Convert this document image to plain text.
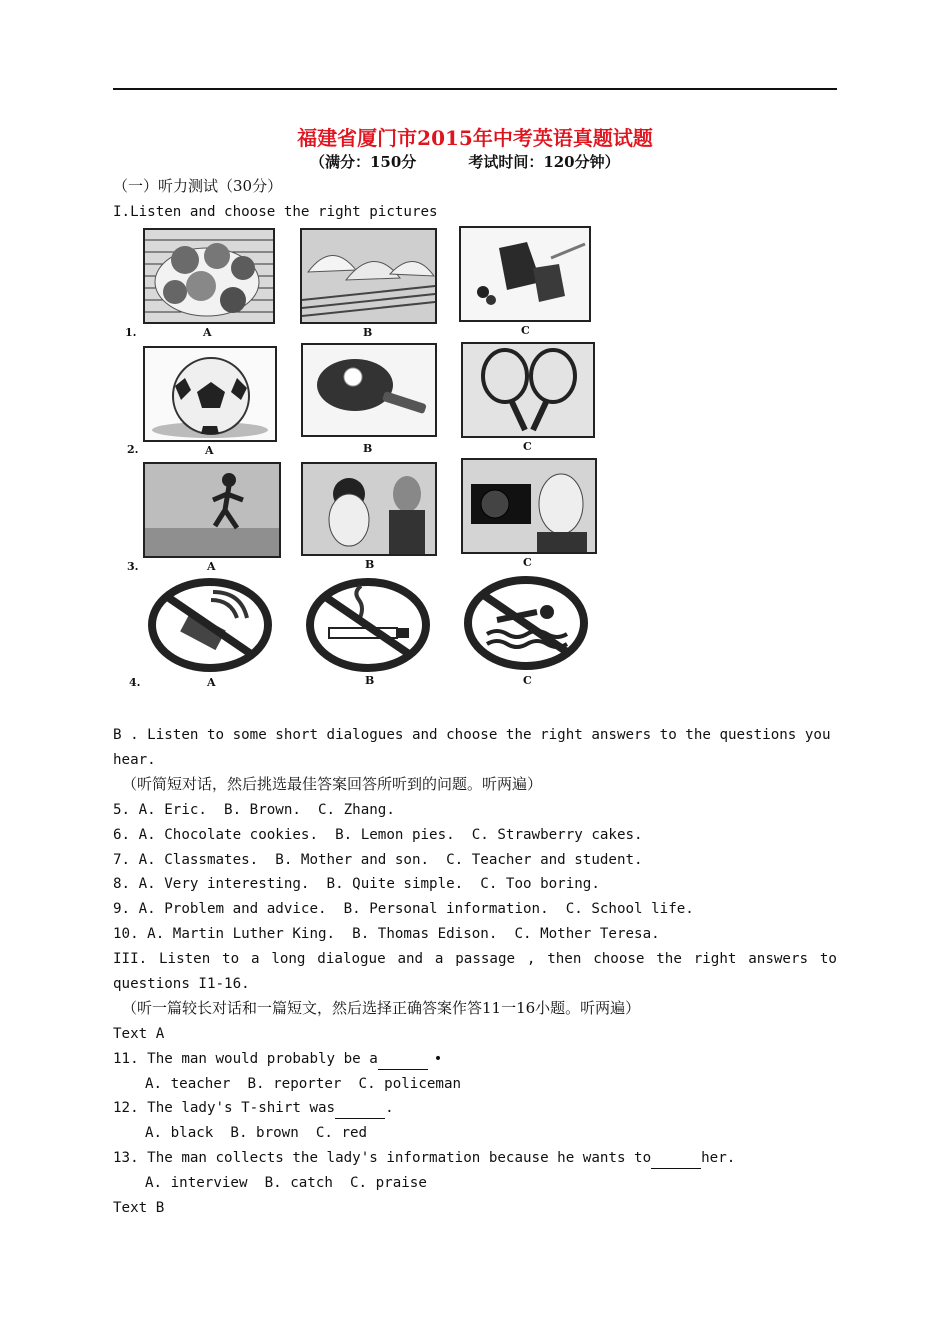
福建省厦门市2015年中考英语真题试题
（满分：150分	考试时间：120分钟）
（一）听力测试（30分）
I.Listen and choose the right pictures
1.	A	B	C
2.	A	B	C
3.	A	B	C
4.	A	B	C
B . Listen to some short dialogues and choose the right answers to the questions you
hear.
（听简短对话，然后挑选最佳答案回答所听到的问题。听两遍）
5. A. Eric.  B. Brown.  C. Zhang.
6. A. Chocolate cookies.  B. Lemon pies.  C. Strawberry cakes.
7. A. Classmates.  B. Mother and son.  C. Teacher and student.
8. A. Very interesting.  B. Quite simple.  C. Too boring.
9. A. Problem and advice.  B. Personal information.  C. School life.
10. A. Martin Luther King.  B. Thomas Edison.  C. Mother Teresa.
III. Listen to a long dialogue and a passage , then choose the right answers to
questions I1-16.
（听一篇较长对话和一篇短文，然后选择正确答案作答11一16小题。听两遍）
Text A
11. The man would probably be a	•
A. teacher  B. reporter  C. policeman
12. The lady's T-shirt was	.
A. black  B. brown  C. red
13. The man collects the lady's information because he wants to	her.
A. interview  B. catch  C. praise
Text B
